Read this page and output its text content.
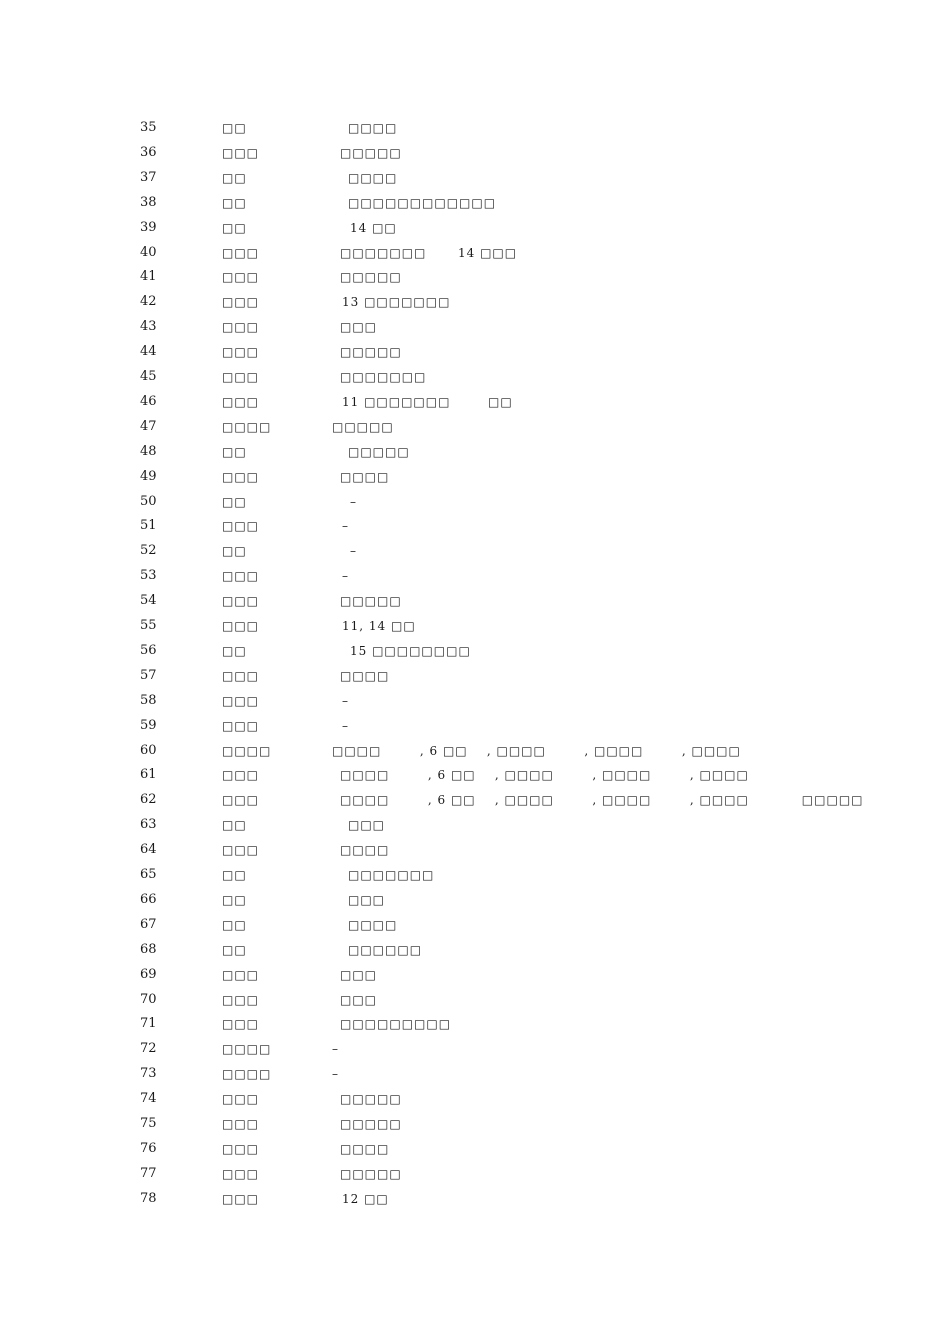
35	□□	□□□□
36	□□□	□□□□□
37	□□	□□□□
38	□□	□□□□□□□□□□□□
39	□□	14 □□
40	□□□	□□□□□□□	14 □□□
41	□□□	□□□□□
42	□□□	13 □□□□□□□
43	□□□	□□□
44	□□□	□□□□□
45	□□□	□□□□□□□
46	□□□	11 □□□□□□□	□□
47	□□□□	□□□□□
48	□□	□□□□□
49	□□□	□□□□
50	□□	–
51	□□□	–
52	□□	–
53	□□□	–
54	□□□	□□□□□
55	□□□	11, 14 □□
56	□□	15 □□□□□□□□
57	□□□	□□□□
58	□□□	–
59	□□□	–
60	□□□□	□□□□        , 6 □□    , □□□□        , □□□□        , □□□□
61	□□□	□□□□        , 6 □□    , □□□□        , □□□□        , □□□□
62	□□□	□□□□        , 6 □□    , □□□□        , □□□□        , □□□□           □□□□□
63	□□	□□□
64	□□□	□□□□
65	□□	□□□□□□□
66	□□	□□□
67	□□	□□□□
68	□□	□□□□□□
69	□□□	□□□
70	□□□	□□□
71	□□□	□□□□□□□□□
72	□□□□	–
73	□□□□	–
74	□□□	□□□□□
75	□□□	□□□□□
76	□□□	□□□□
77	□□□	□□□□□
78	□□□	12 □□
